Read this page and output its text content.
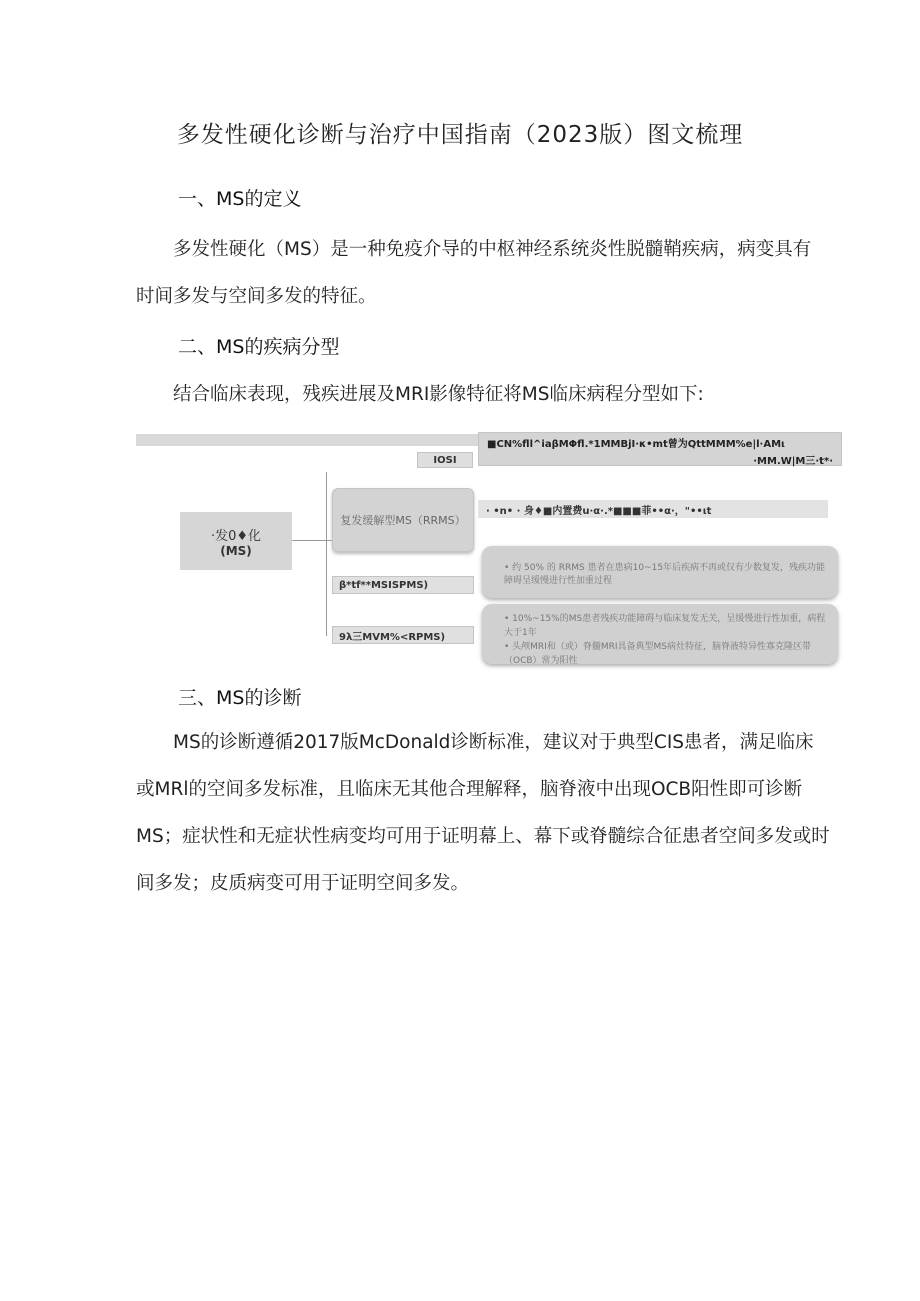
多发性硬化诊断与治疗中国指南（2023版）图文梳理
一、MS的定义

多发性硬化（MS）是一种免疫介导的中枢神经系统炎性脱髓鞘疾病，病变具有时间多发与空间多发的特征。

二、MS的疾病分型

结合临床表现，残疾进展及MRI影像特征将MS临床病程分型如下:

■CN%fll^iaβMΦfl.*1MMBjI·κ•mt曾为QttMMM%e|l·AMι
·MM.W|M三·t*·
IOSI
·发0♦化
(MS)
复发缓解型MS（RRMS）
· •n• · 身♦■内置费u·α·.*■■■菲••α·，"••ιt
• 约 50% 的 RRMS 患者在患病10~15年后疾病不再或仅有少数复发，残疾功能障碍呈缓慢进行性加重过程
β*tf**MSISPMS)
• 10%~15%的MS患者残疾功能障碍与临床复发无关，呈缓慢进行性加重，病程大于1年
• 头颅MRI和（或）脊髓MRI具备典型MS病灶特征，脑脊液特异性寡克隆区带（OCB）常为阳性
9λ三MVM%<RPMS)
三、MS的诊断

MS的诊断遵循2017版McDonald诊断标准，建议对于典型CIS患者，满足临床或MRl的空间多发标准，且临床无其他合理解释，脑脊液中出现OCB阳性即可诊断MS；症状性和无症状性病变均可用于证明幕上、幕下或脊髓综合征患者空间多发或时间多发；皮质病变可用于证明空间多发。
